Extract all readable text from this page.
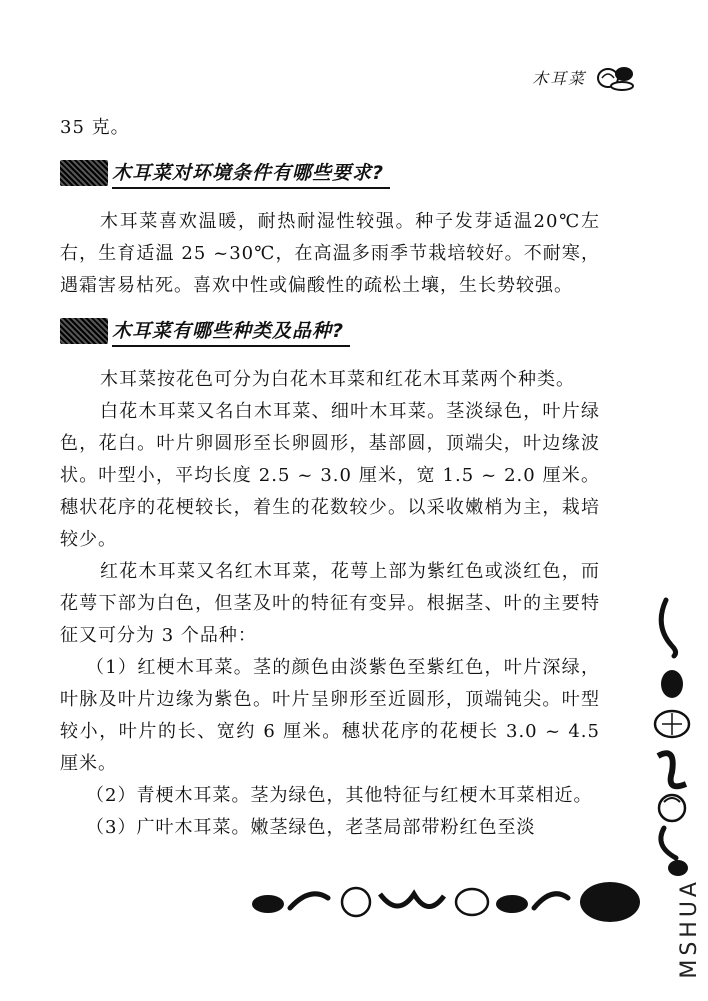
木耳菜

35 克。

木耳菜对环境条件有哪些要求?

木耳菜喜欢温暖，耐热耐湿性较强。种子发芽适温20℃左右，生育适温 25 ~30℃，在高温多雨季节栽培较好。不耐寒，遇霜害易枯死。喜欢中性或偏酸性的疏松土壤，生长势较强。

木耳菜有哪些种类及品种?

木耳菜按花色可分为白花木耳菜和红花木耳菜两个种类。

白花木耳菜又名白木耳菜、细叶木耳菜。茎淡绿色，叶片绿色，花白。叶片卵圆形至长卵圆形，基部圆，顶端尖，叶边缘波状。叶型小，平均长度 2.5 ~ 3.0 厘米，宽 1.5 ~ 2.0 厘米。穗状花序的花梗较长，着生的花数较少。以采收嫩梢为主，栽培较少。

红花木耳菜又名红木耳菜，花萼上部为紫红色或淡红色，而花萼下部为白色，但茎及叶的特征有变异。根据茎、叶的主要特征又可分为 3 个品种：

（1）红梗木耳菜。茎的颜色由淡紫色至紫红色，叶片深绿，叶脉及叶片边缘为紫色。叶片呈卵形至近圆形，顶端钝尖。叶型较小，叶片的长、宽约 6 厘米。穗状花序的花梗长 3.0 ~ 4.5 厘米。

（2）青梗木耳菜。茎为绿色，其他特征与红梗木耳菜相近。

（3）广叶木耳菜。嫩茎绿色，老茎局部带粉红色至淡

MSHUA
